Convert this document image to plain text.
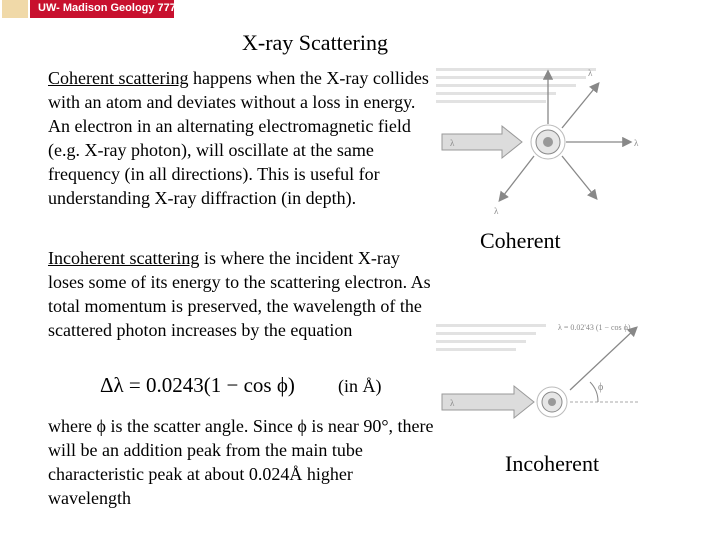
UW- Madison Geology 777
X-ray Scattering
Coherent scattering happens when the X-ray collides with an atom and deviates without a loss in energy. An electron in an alternating electromagnetic field (e.g. X-ray photon), will oscillate at the same frequency (in all directions). This is useful for understanding X-ray diffraction (in depth).
Incoherent scattering is where the incident X-ray loses some of its energy to the scattering electron. As total momentum is preserved, the wavelength of the scattered photon increases by the equation
Δλ = 0.0243(1 − cos ϕ) (in Å)
where ϕ is the scatter angle. Since ϕ is near 90°, there will be an addition peak from the main tube characteristic peak at about 0.024Å higher wavelength
λ
λ
λ
λ
Coherent
λ
ϕ
λ = 0.02'43 (1 − cos ϕ)
Incoherent
